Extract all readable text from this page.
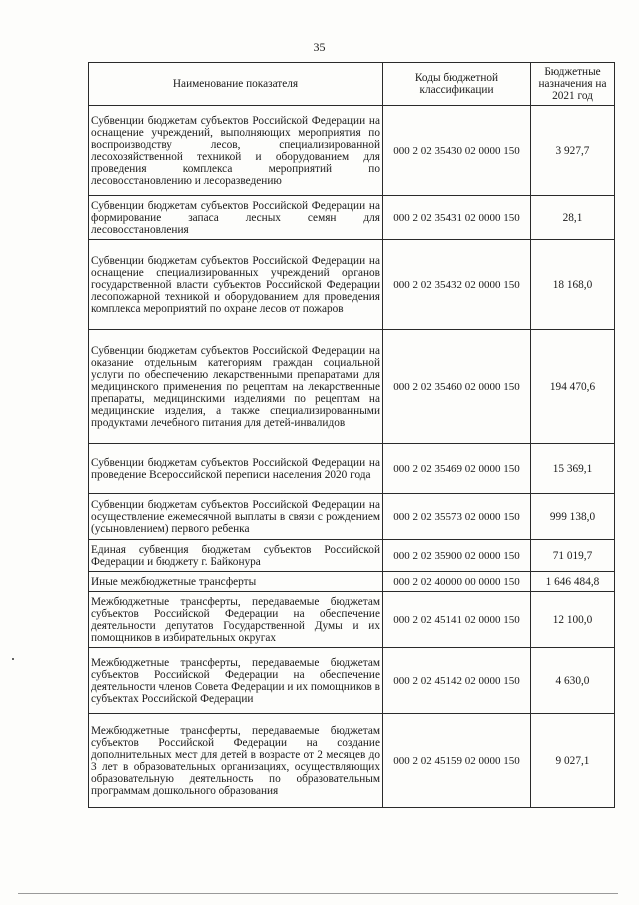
35
Наименование показателя	Коды бюджетной классификации	Бюджетные назначения на 2021 год
Субвенции бюджетам субъектов Российской Федерации на оснащение учреждений, выполняющих мероприятия по воспроизводству лесов, специализированной лесохозяйственной техникой и оборудованием для проведения комплекса мероприятий по лесовосстановлению и лесоразведению	000 2 02 35430 02 0000 150	3 927,7
Субвенции бюджетам субъектов Российской Федерации на формирование запаса лесных семян для лесовосстановления	000 2 02 35431 02 0000 150	28,1
Субвенции бюджетам субъектов Российской Федерации на оснащение специализированных учреждений органов государственной власти субъектов Российской Федерации лесопожарной техникой и оборудованием для проведения комплекса мероприятий по охране лесов от пожаров	000 2 02 35432 02 0000 150	18 168,0
Субвенции бюджетам субъектов Российской Федерации на оказание отдельным категориям граждан социальной услуги по обеспечению лекарственными препаратами для медицинского применения по рецептам на лекарственные препараты, медицинскими изделиями по рецептам на медицинские изделия, а также специализированными продуктами лечебного питания для детей-инвалидов	000 2 02 35460 02 0000 150	194 470,6
Субвенции бюджетам субъектов Российской Федерации на проведение Всероссийской переписи населения 2020 года	000 2 02 35469 02 0000 150	15 369,1
Субвенции бюджетам субъектов Российской Федерации на осуществление ежемесячной выплаты в связи с рождением (усыновлением) первого ребенка	000 2 02 35573 02 0000 150	999 138,0
Единая субвенция бюджетам субъектов Российской Федерации и бюджету г. Байконура	000 2 02 35900 02 0000 150	71 019,7
Иные межбюджетные трансферты	000 2 02 40000 00 0000 150	1 646 484,8
Межбюджетные трансферты, передаваемые бюджетам субъектов Российской Федерации на обеспечение деятельности депутатов Государственной Думы и их помощников в избирательных округах	000 2 02 45141 02 0000 150	12 100,0
Межбюджетные трансферты, передаваемые бюджетам субъектов Российской Федерации на обеспечение деятельности членов Совета Федерации и их помощников в субъектах Российской Федерации	000 2 02 45142 02 0000 150	4 630,0
Межбюджетные трансферты, передаваемые бюджетам субъектов Российской Федерации на создание дополнительных мест для детей в возрасте от 2 месяцев до 3 лет в образовательных организациях, осуществляющих образовательную деятельность по образовательным программам дошкольного образования	000 2 02 45159 02 0000 150	9 027,1
